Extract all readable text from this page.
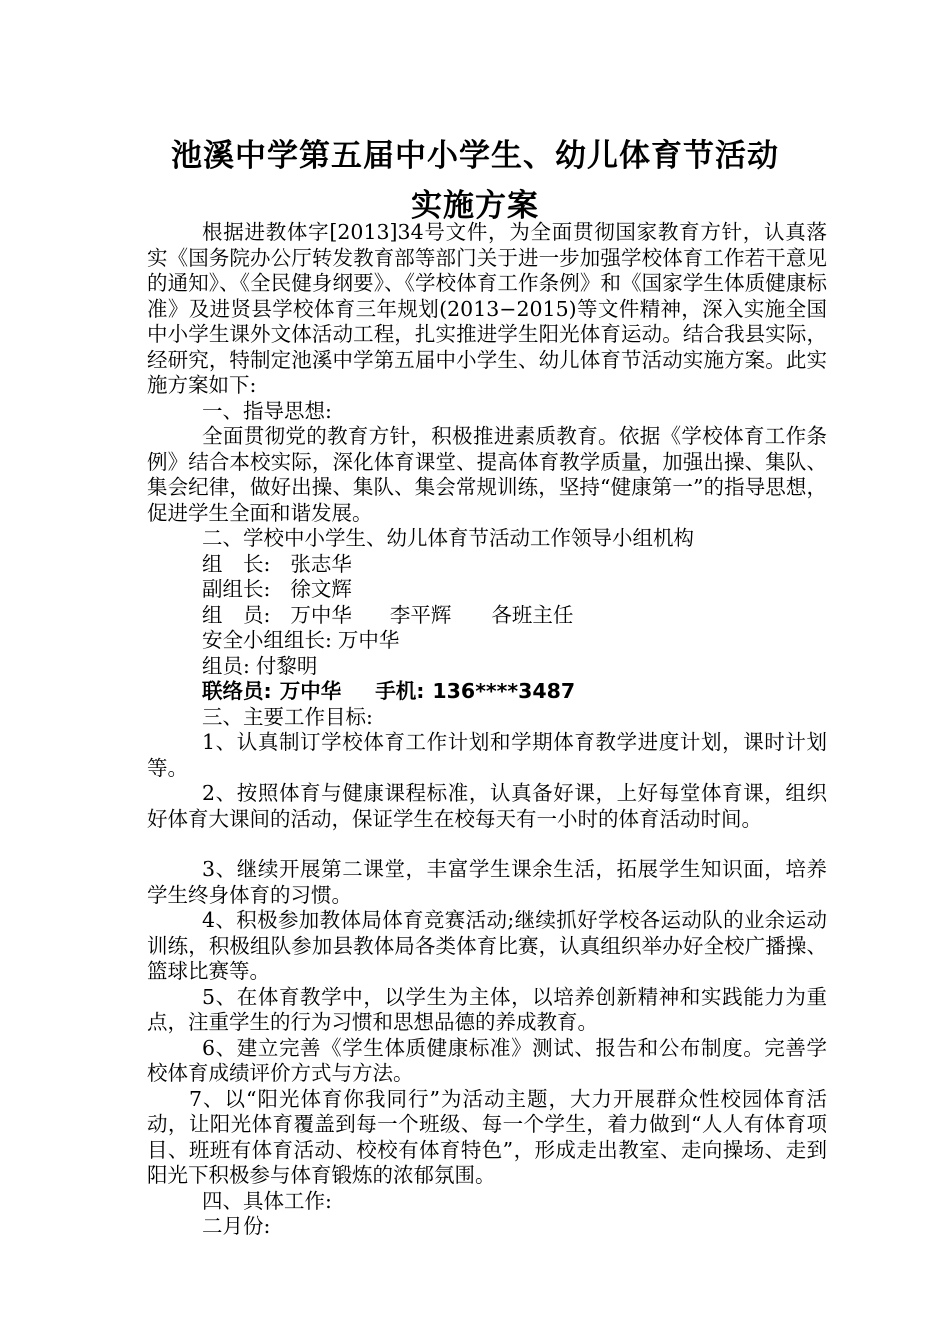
池溪中学第五届中小学生、幼儿体育节活动
实施方案

根据进教体字[2013]34号文件，为全面贯彻国家教育方针，认真落实《国务院办公厅转发教育部等部门关于进一步加强学校体育工作若干意见的通知》、《全民健身纲要》、《学校体育工作条例》和《国家学生体质健康标准》及进贤县学校体育三年规划(2013−2015)等文件精神，深入实施全国中小学生课外文体活动工程，扎实推进学生阳光体育运动。结合我县实际，经研究，特制定池溪中学第五届中小学生、幼儿体育节活动实施方案。此实施方案如下:

一、指导思想:

全面贯彻党的教育方针，积极推进素质教育。依据《学校体育工作条例》结合本校实际，深化体育课堂、提高体育教学质量，加强出操、集队、集会纪律，做好出操、集队、集会常规训练，坚持“健康第一”的指导思想，促进学生全面和谐发展。

二、学校中小学生、幼儿体育节活动工作领导小组机构

组　长: 张志华

副组长: 徐文辉

组　员: 万中华 李平辉 各班主任

安全小组组长: 万中华

组员: 付黎明

联络员: 万中华 手机: 136****3487

三、主要工作目标:

1、认真制订学校体育工作计划和学期体育教学进度计划，课时计划等。

2、按照体育与健康课程标准，认真备好课，上好每堂体育课，组织好体育大课间的活动，保证学生在校每天有一小时的体育活动时间。

3、继续开展第二课堂，丰富学生课余生活，拓展学生知识面，培养学生终身体育的习惯。

4、积极参加教体局体育竞赛活动;继续抓好学校各运动队的业余运动训练，积极组队参加县教体局各类体育比赛，认真组织举办好全校广播操、篮球比赛等。

5、在体育教学中，以学生为主体，以培养创新精神和实践能力为重点，注重学生的行为习惯和思想品德的养成教育。

6、建立完善《学生体质健康标准》测试、报告和公布制度。完善学校体育成绩评价方式与方法。

7、以“阳光体育你我同行”为活动主题，大力开展群众性校园体育活动，让阳光体育覆盖到每一个班级、每一个学生，着力做到“人人有体育项目、班班有体育活动、校校有体育特色”，形成走出教室、走向操场、走到阳光下积极参与体育锻炼的浓郁氛围。

四、具体工作:

二月份:
